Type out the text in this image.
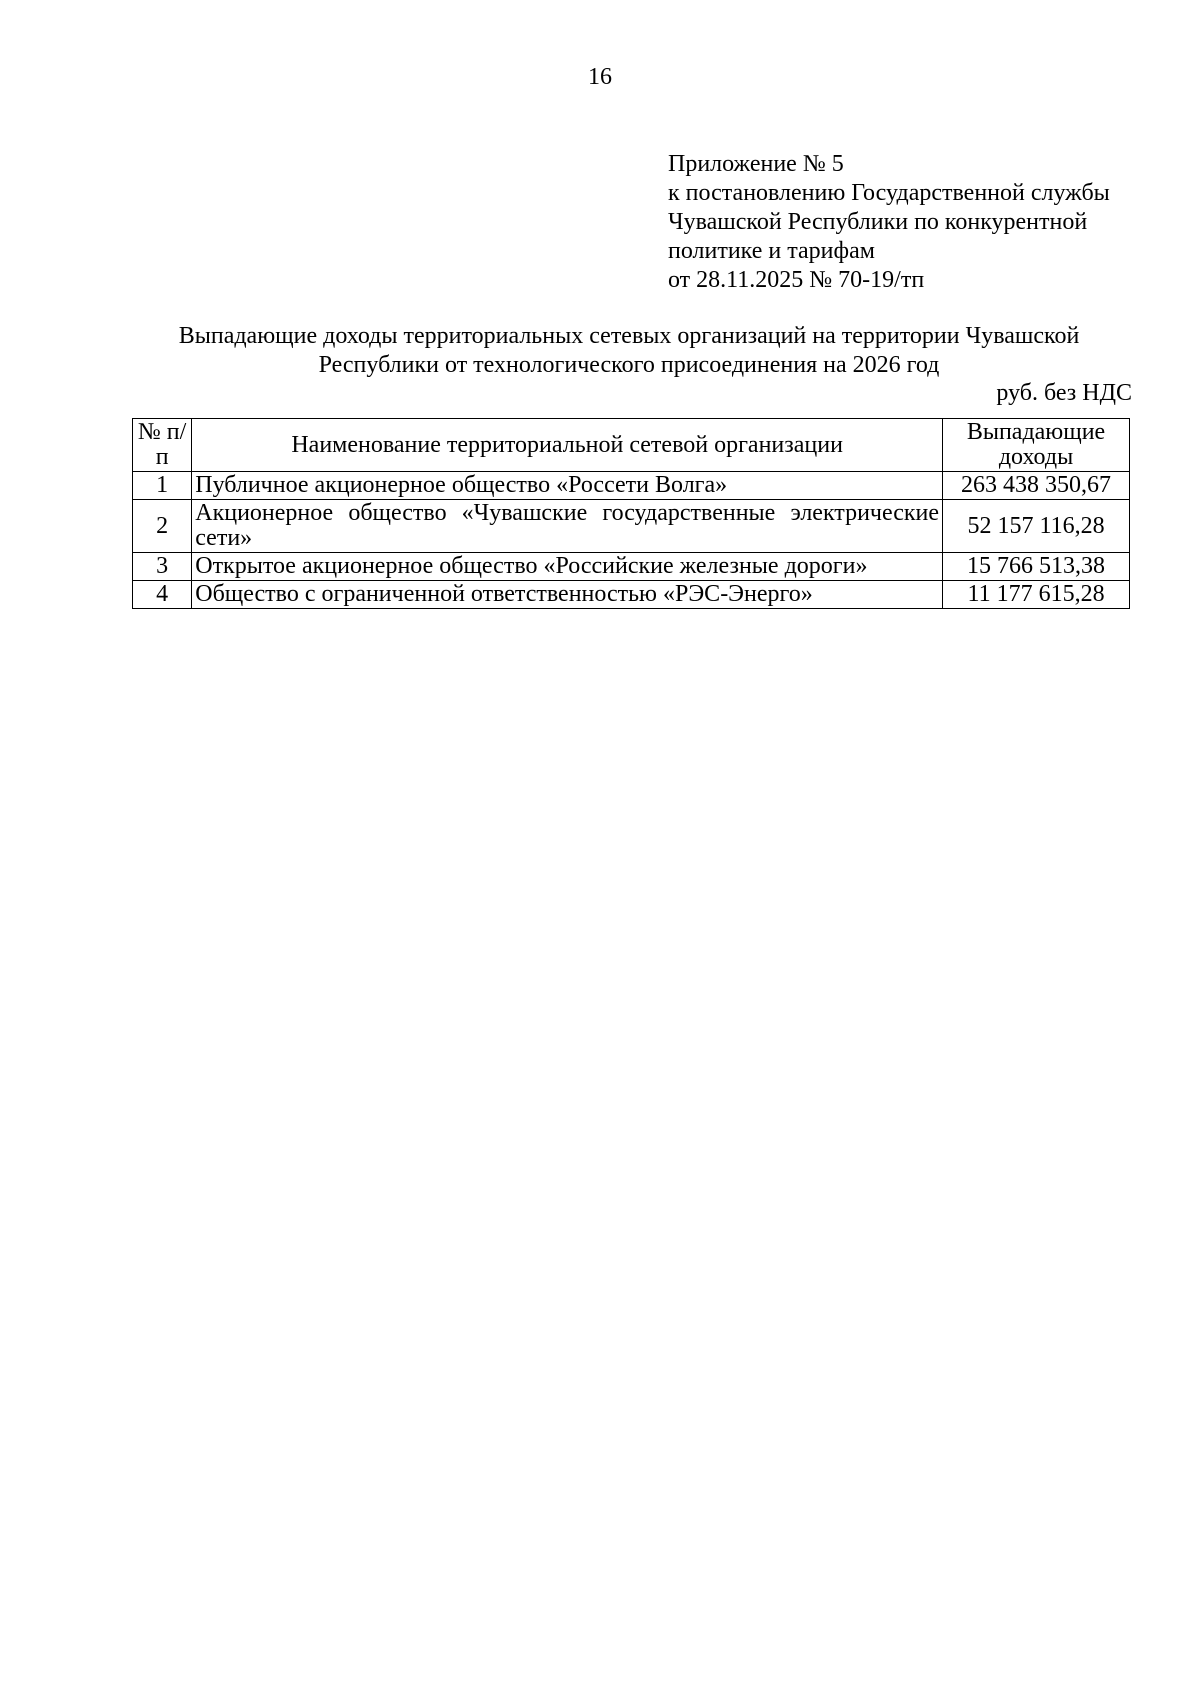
16
Приложение № 5
к постановлению Государственной службы
Чувашской Республики по конкурентной
политике и тарифам
от 28.11.2025 № 70-19/тп
Выпадающие доходы территориальных сетевых организаций на территории Чувашской
Республики от технологического присоединения на 2026 год
руб. без НДС
№ п/п	Наименование территориальной сетевой организации	Выпадающие доходы
1	Публичное акционерное общество «Россети Волга»	263 438 350,67
2	Акционерное общество «Чувашские государственные электрические сети»	52 157 116,28
3	Открытое акционерное общество «Российские железные дороги»	15 766 513,38
4	Общество с ограниченной ответственностью «РЭС-Энерго»	11 177 615,28
